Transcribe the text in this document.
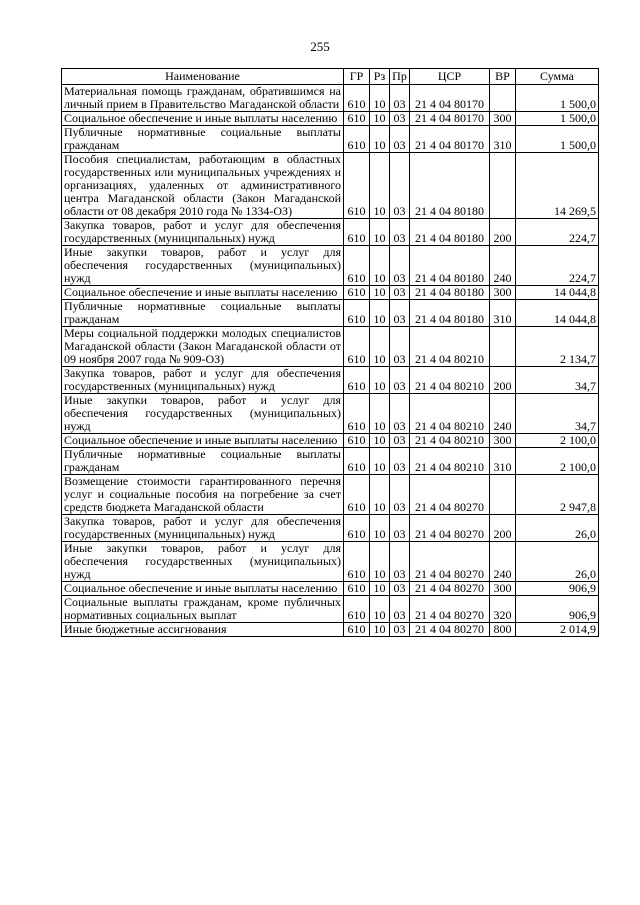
255
Наименование	ГР	Рз	Пр	ЦСР	ВР	Сумма
Материальная помощь гражданам, обратившимся на личный прием в Правительство Магаданской области	610	10	03	21 4 04 80170		1 500,0
Социальное обеспечение и иные выплаты населению	610	10	03	21 4 04 80170	300	1 500,0
Публичные нормативные социальные выплаты гражданам	610	10	03	21 4 04 80170	310	1 500,0
Пособия специалистам, работающим в областных государственных или муниципальных учреждениях и организациях, удаленных от административного центра Магаданской области (Закон Магаданской области от 08 декабря 2010 года № 1334-ОЗ)	610	10	03	21 4 04 80180		14 269,5
Закупка товаров, работ и услуг для обеспечения государственных (муниципальных) нужд	610	10	03	21 4 04 80180	200	224,7
Иные закупки товаров, работ и услуг для обеспечения государственных (муниципальных) нужд	610	10	03	21 4 04 80180	240	224,7
Социальное обеспечение и иные выплаты населению	610	10	03	21 4 04 80180	300	14 044,8
Публичные нормативные социальные выплаты гражданам	610	10	03	21 4 04 80180	310	14 044,8
Меры социальной поддержки молодых специалистов Магаданской области (Закон Магаданской области от 09 ноября 2007 года № 909-ОЗ)	610	10	03	21 4 04 80210		2 134,7
Закупка товаров, работ и услуг для обеспечения государственных (муниципальных) нужд	610	10	03	21 4 04 80210	200	34,7
Иные закупки товаров, работ и услуг для обеспечения государственных (муниципальных) нужд	610	10	03	21 4 04 80210	240	34,7
Социальное обеспечение и иные выплаты населению	610	10	03	21 4 04 80210	300	2 100,0
Публичные нормативные социальные выплаты гражданам	610	10	03	21 4 04 80210	310	2 100,0
Возмещение стоимости гарантированного перечня услуг и социальные пособия на погребение за счет средств бюджета Магаданской области	610	10	03	21 4 04 80270		2 947,8
Закупка товаров, работ и услуг для обеспечения государственных (муниципальных) нужд	610	10	03	21 4 04 80270	200	26,0
Иные закупки товаров, работ и услуг для обеспечения государственных (муниципальных) нужд	610	10	03	21 4 04 80270	240	26,0
Социальное обеспечение и иные выплаты населению	610	10	03	21 4 04 80270	300	906,9
Социальные выплаты гражданам, кроме публичных нормативных социальных выплат	610	10	03	21 4 04 80270	320	906,9
Иные бюджетные ассигнования	610	10	03	21 4 04 80270	800	2 014,9
